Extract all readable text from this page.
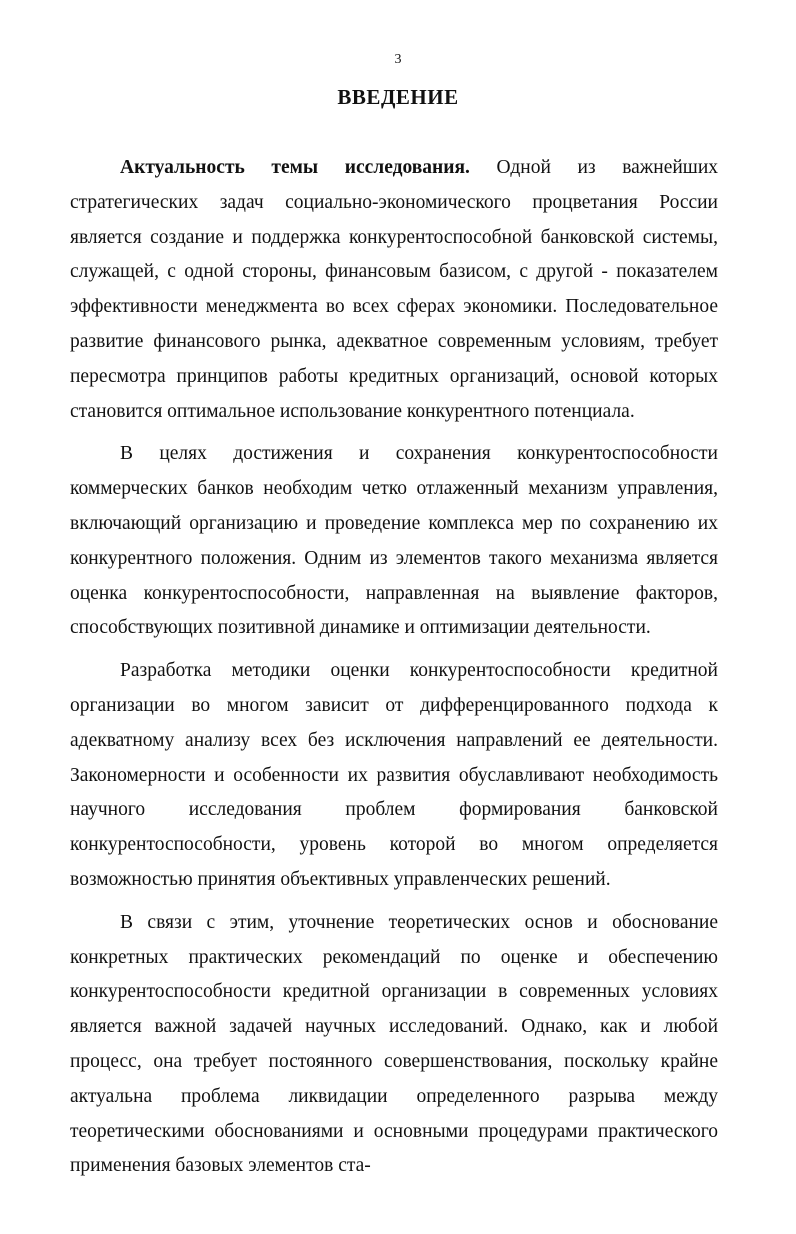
3
ВВЕДЕНИЕ

Актуальность темы исследования. Одной из важнейших стратегических задач социально-экономического процветания России является создание и поддержка конкурентоспособной банковской системы, служащей, с одной стороны, финансовым базисом, с другой - показателем эффективности менеджмента во всех сферах экономики. Последовательное развитие финансового рынка, адекватное современным условиям, требует пересмотра принципов работы кредитных организаций, основой которых становится оптимальное использование конкурентного потенциала.

В целях достижения и сохранения конкурентоспособности коммерческих банков необходим четко отлаженный механизм управления, включающий организацию и проведение комплекса мер по сохранению их конкурентного положения. Одним из элементов такого механизма является оценка конкурентоспособности, направленная на выявление факторов, способствующих позитивной динамике и оптимизации деятельности.

Разработка методики оценки конкурентоспособности кредитной организации во многом зависит от дифференцированного подхода к адекватному анализу всех без исключения направлений ее деятельности. Закономерности и особенности их развития обуславливают необходимость научного исследования проблем формирования банковской конкурентоспособности, уровень которой во многом определяется возможностью принятия объективных управленческих решений.

В связи с этим, уточнение теоретических основ и обоснование конкретных практических рекомендаций по оценке и обеспечению конкурентоспособности кредитной организации в современных условиях является важной задачей научных исследований. Однако, как и любой процесс, она требует постоянного совершенствования, поскольку крайне актуальна проблема ликвидации определенного разрыва между теоретическими обоснованиями и основными процедурами практического применения базовых элементов ста-
